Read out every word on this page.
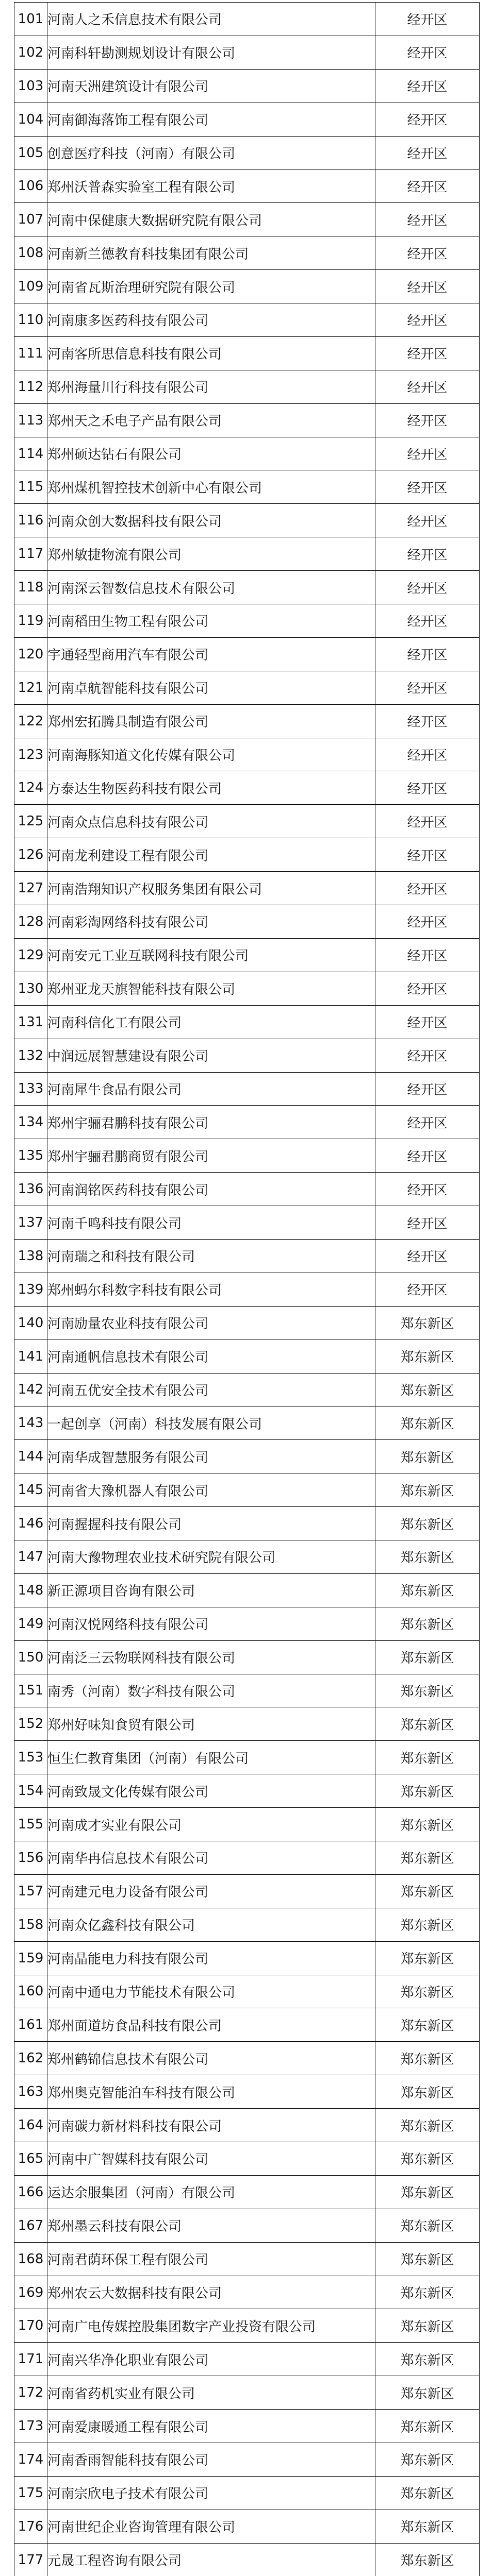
101	河南人之禾信息技术有限公司	经开区
102	河南科轩勘测规划设计有限公司	经开区
103	河南天洲建筑设计有限公司	经开区
104	河南御海落饰工程有限公司	经开区
105	创意医疗科技（河南）有限公司	经开区
106	郑州沃普森实验室工程有限公司	经开区
107	河南中保健康大数据研究院有限公司	经开区
108	河南新兰德教育科技集团有限公司	经开区
109	河南省瓦斯治理研究院有限公司	经开区
110	河南康多医药科技有限公司	经开区
111	河南客所思信息科技有限公司	经开区
112	郑州海量川行科技有限公司	经开区
113	郑州天之禾电子产品有限公司	经开区
114	郑州硕达钻石有限公司	经开区
115	郑州煤机智控技术创新中心有限公司	经开区
116	河南众创大数据科技有限公司	经开区
117	郑州敏捷物流有限公司	经开区
118	河南深云智数信息技术有限公司	经开区
119	河南稻田生物工程有限公司	经开区
120	宇通轻型商用汽车有限公司	经开区
121	河南卓航智能科技有限公司	经开区
122	郑州宏拓腾具制造有限公司	经开区
123	河南海豚知道文化传媒有限公司	经开区
124	方泰达生物医药科技有限公司	经开区
125	河南众点信息科技有限公司	经开区
126	河南龙利建设工程有限公司	经开区
127	河南浩翔知识产权服务集团有限公司	经开区
128	河南彩淘网络科技有限公司	经开区
129	河南安元工业互联网科技有限公司	经开区
130	郑州亚龙天旗智能科技有限公司	经开区
131	河南科信化工有限公司	经开区
132	中润远展智慧建设有限公司	经开区
133	河南犀牛食品有限公司	经开区
134	郑州宇骊君鹏科技有限公司	经开区
135	郑州宇骊君鹏商贸有限公司	经开区
136	河南润铭医药科技有限公司	经开区
137	河南千鸣科技有限公司	经开区
138	河南瑞之和科技有限公司	经开区
139	郑州蚂尔科数字科技有限公司	经开区
140	河南励量农业科技有限公司	郑东新区
141	河南通帆信息技术有限公司	郑东新区
142	河南五优安全技术有限公司	郑东新区
143	一起创享（河南）科技发展有限公司	郑东新区
144	河南华成智慧服务有限公司	郑东新区
145	河南省大豫机器人有限公司	郑东新区
146	河南握握科技有限公司	郑东新区
147	河南大豫物理农业技术研究院有限公司	郑东新区
148	新正源项目咨询有限公司	郑东新区
149	河南汉悦网络科技有限公司	郑东新区
150	河南泛三云物联网科技有限公司	郑东新区
151	南秀（河南）数字科技有限公司	郑东新区
152	郑州好味知食贸有限公司	郑东新区
153	恒生仁教育集团（河南）有限公司	郑东新区
154	河南致晟文化传媒有限公司	郑东新区
155	河南成才实业有限公司	郑东新区
156	河南华冉信息技术有限公司	郑东新区
157	河南建元电力设备有限公司	郑东新区
158	河南众亿鑫科技有限公司	郑东新区
159	河南晶能电力科技有限公司	郑东新区
160	河南中通电力节能技术有限公司	郑东新区
161	郑州面道坊食品科技有限公司	郑东新区
162	郑州鹤锦信息技术有限公司	郑东新区
163	郑州奥克智能泊车科技有限公司	郑东新区
164	河南碳力新材料科技有限公司	郑东新区
165	河南中广智媒科技有限公司	郑东新区
166	运达余服集团（河南）有限公司	郑东新区
167	郑州墨云科技有限公司	郑东新区
168	河南君荫环保工程有限公司	郑东新区
169	郑州农云大数据科技有限公司	郑东新区
170	河南广电传媒控股集团数字产业投资有限公司	郑东新区
171	河南兴华净化职业有限公司	郑东新区
172	河南省药机实业有限公司	郑东新区
173	河南爱康暖通工程有限公司	郑东新区
174	河南香雨智能科技有限公司	郑东新区
175	河南宗欣电子技术有限公司	郑东新区
176	河南世纪企业咨询管理有限公司	郑东新区
177	元晟工程咨询有限公司	郑东新区
